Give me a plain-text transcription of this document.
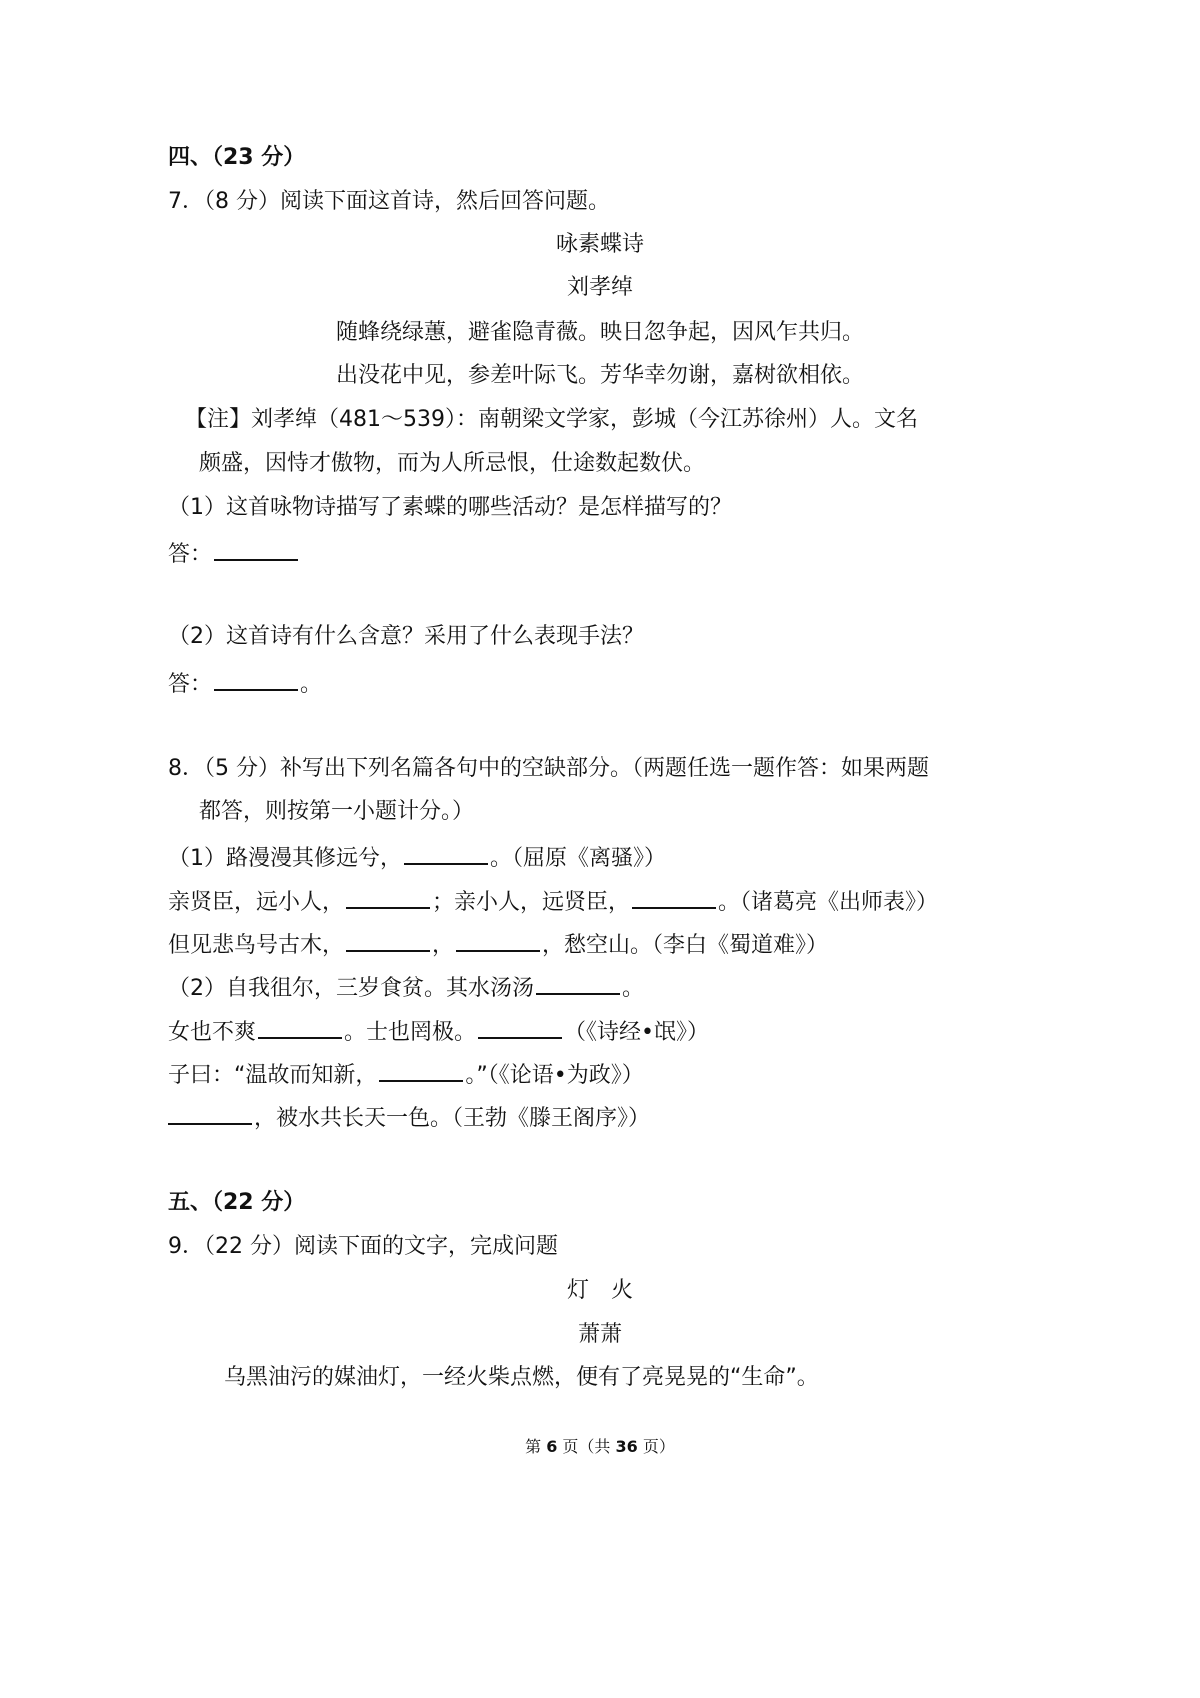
四、（23 分）
7．（8 分）阅读下面这首诗，然后回答问题。
咏素蝶诗
刘孝绰
随蜂绕绿蕙，避雀隐青薇。映日忽争起，因风乍共归。
出没花中见，参差叶际飞。芳华幸勿谢，嘉树欲相依。
【注】刘孝绰（481～539）：南朝梁文学家，彭城（今江苏徐州）人。文名
颇盛，因恃才傲物，而为人所忌恨，仕途数起数伏。
（1）这首咏物诗描写了素蝶的哪些活动？是怎样描写的？
答：
（2）这首诗有什么含意？采用了什么表现手法？
答：	。
8．（5 分）补写出下列名篇各句中的空缺部分。（两题任选一题作答：如果两题
都答，则按第一小题计分。）
（1）路漫漫其修远兮，	。（屈原《离骚》）
亲贤臣，远小人，	；亲小人，远贤臣，	。（诸葛亮《出师表》）
但见悲鸟号古木，	，	，愁空山。（李白《蜀道难》）
（2）自我徂尔，三岁食贫。其水汤汤	。
女也不爽	。士也罔极。	（《诗经•氓》）
子曰：“温故而知新，	。”（《论语•为政》）
，被水共长天一色。（王勃《滕王阁序》）
五、（22 分）
9．（22 分）阅读下面的文字，完成问题
灯　火
萧萧
乌黑油污的媒油灯，一经火柴点燃，便有了亮晃晃的“生命”。
第 6 页（共 36 页）
